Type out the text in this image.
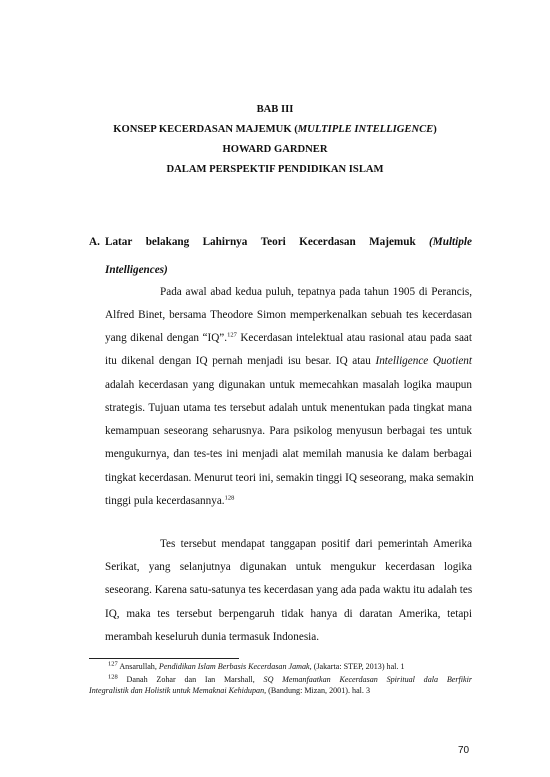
BAB III
KONSEP KECERDASAN MAJEMUK (MULTIPLE INTELLIGENCE)
HOWARD GARDNER
DALAM PERSPEKTIF PENDIDIKAN ISLAM
A. Latar belakang Lahirnya Teori Kecerdasan Majemuk (Multiple
Intelligences)
Pada awal abad kedua puluh, tepatnya pada tahun 1905 di Perancis,
Alfred Binet, bersama Theodore Simon memperkenalkan sebuah tes kecerdasan
yang dikenal dengan “IQ”.$^{127}$ Kecerdasan intelektual atau rasional atau pada saat
itu dikenal dengan IQ pernah menjadi isu besar. IQ atau Intelligence Quotient
adalah kecerdasan yang digunakan untuk memecahkan masalah logika maupun
strategis. Tujuan utama tes tersebut adalah untuk menentukan pada tingkat mana
kemampuan seseorang seharusnya. Para psikolog menyusun berbagai tes untuk
mengukurnya, dan tes-tes ini menjadi alat memilah manusia ke dalam berbagai
tingkat kecerdasan. Menurut teori ini, semakin tinggi IQ seseorang, maka semakin
tinggi pula kecerdasannya.$^{128}$
Tes tersebut mendapat tanggapan positif dari pemerintah Amerika
Serikat, yang selanjutnya digunakan untuk mengukur kecerdasan logika
seseorang. Karena satu-satunya tes kecerdasan yang ada pada waktu itu adalah tes
IQ, maka tes tersebut berpengaruh tidak hanya di daratan Amerika, tetapi
merambah keseluruh dunia termasuk Indonesia.
$^{127}$ Ansarullah, Pendidikan Islam Berbasis Kecerdasan Jamak, (Jakarta: STEP, 2013) hal. 1
$^{128}$ Danah Zohar dan Ian Marshall, SQ Memanfaatkan Kecerdasan Spiritual dala Berfikir
Integralistik dan Holistik untuk Memaknai Kehidupan, (Bandung: Mizan, 2001). hal. 3
70
